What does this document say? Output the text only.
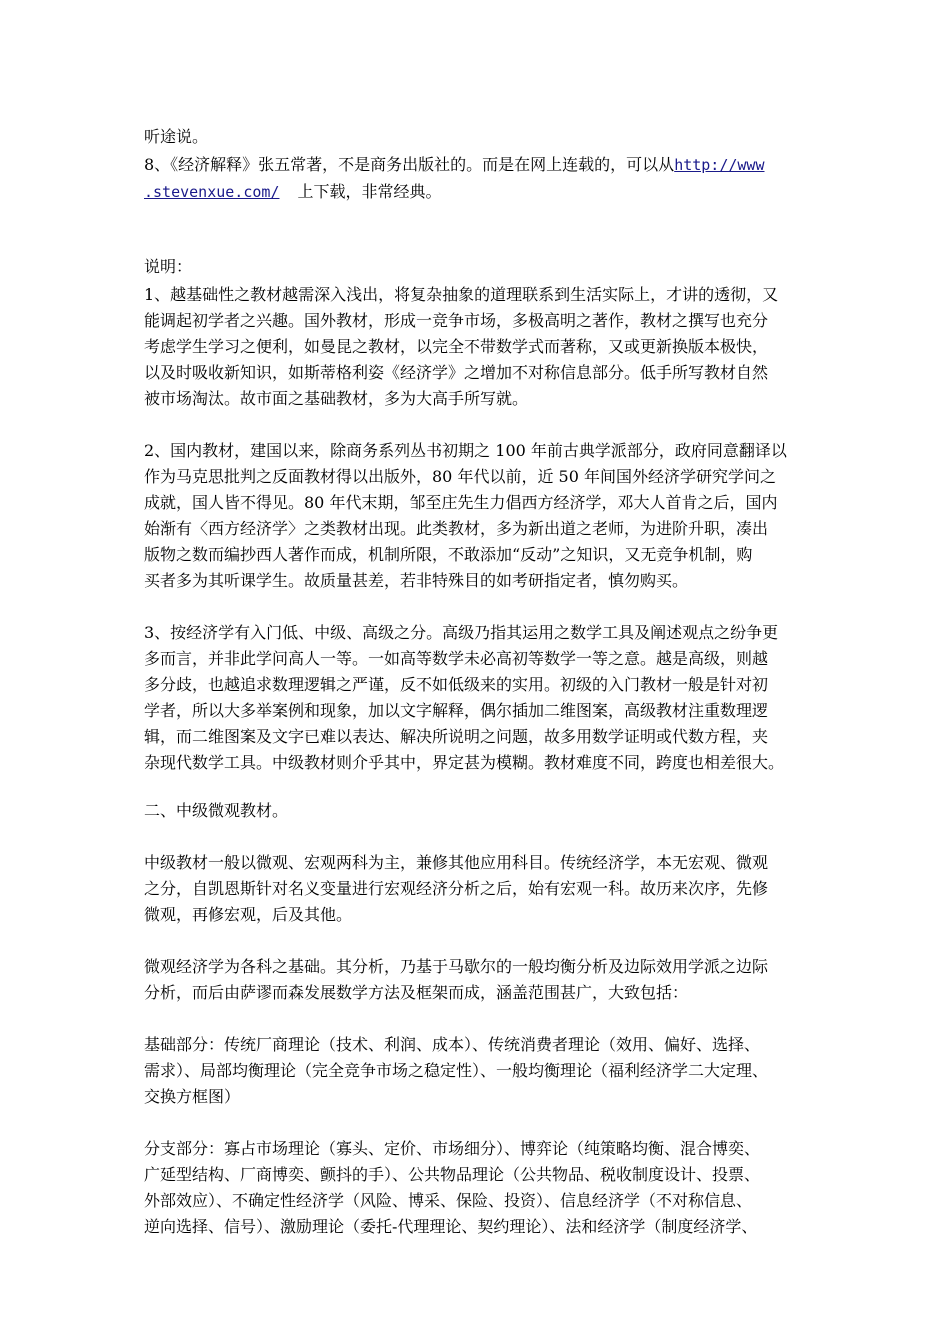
听途说。
8、《经济解释》张五常著，不是商务出版社的。而是在网上连载的，可以从http://www
.stevenxue.com/ 上下载，非常经典。
说明：
1、越基础性之教材越需深入浅出，将复杂抽象的道理联系到生活实际上，才讲的透彻，又
能调起初学者之兴趣。国外教材，形成一竞争市场，多极高明之著作，教材之撰写也充分
考虑学生学习之便利，如曼昆之教材，以完全不带数学式而著称，又或更新换版本极快，
以及时吸收新知识，如斯蒂格利姿《经济学》之增加不对称信息部分。低手所写教材自然
被市场淘汰。故市面之基础教材，多为大高手所写就。
2、国内教材，建国以来，除商务系列丛书初期之 100 年前古典学派部分，政府同意翻译以
作为马克思批判之反面教材得以出版外，80 年代以前，近 50 年间国外经济学研究学问之
成就，国人皆不得见。80 年代末期，邹至庄先生力倡西方经济学，邓大人首肯之后，国内
始渐有〈西方经济学〉之类教材出现。此类教材，多为新出道之老师，为进阶升职，凑出
版物之数而编抄西人著作而成，机制所限，不敢添加“反动”之知识，又无竞争机制，购
买者多为其听课学生。故质量甚差，若非特殊目的如考研指定者，慎勿购买。
3、按经济学有入门低、中级、高级之分。高级乃指其运用之数学工具及阐述观点之纷争更
多而言，并非此学问高人一等。一如高等数学未必高初等数学一等之意。越是高级，则越
多分歧，也越追求数理逻辑之严谨，反不如低级来的实用。初级的入门教材一般是针对初
学者，所以大多举案例和现象，加以文字解释，偶尔插加二维图案，高级教材注重数理逻
辑，而二维图案及文字已难以表达、解决所说明之问题，故多用数学证明或代数方程，夹
杂现代数学工具。中级教材则介乎其中，界定甚为模糊。教材难度不同，跨度也相差很大。
二、中级微观教材。
中级教材一般以微观、宏观两科为主，兼修其他应用科目。传统经济学，本无宏观、微观
之分，自凯恩斯针对名义变量进行宏观经济分析之后，始有宏观一科。故历来次序，先修
微观，再修宏观，后及其他。
微观经济学为各科之基础。其分析，乃基于马歇尔的一般均衡分析及边际效用学派之边际
分析，而后由萨谬而森发展数学方法及框架而成，涵盖范围甚广，大致包括：
基础部分：传统厂商理论（技术、利润、成本）、传统消费者理论（效用、偏好、选择、
需求）、局部均衡理论（完全竞争市场之稳定性）、一般均衡理论（福利经济学二大定理、
交换方框图）
分支部分：寡占市场理论（寡头、定价、市场细分）、博弈论（纯策略均衡、混合博奕、
广延型结构、厂商博奕、颤抖的手）、公共物品理论（公共物品、税收制度设计、投票、
外部效应）、不确定性经济学（风险、博采、保险、投资）、信息经济学（不对称信息、
逆向选择、信号）、激励理论（委托-代理理论、契约理论）、法和经济学（制度经济学、
